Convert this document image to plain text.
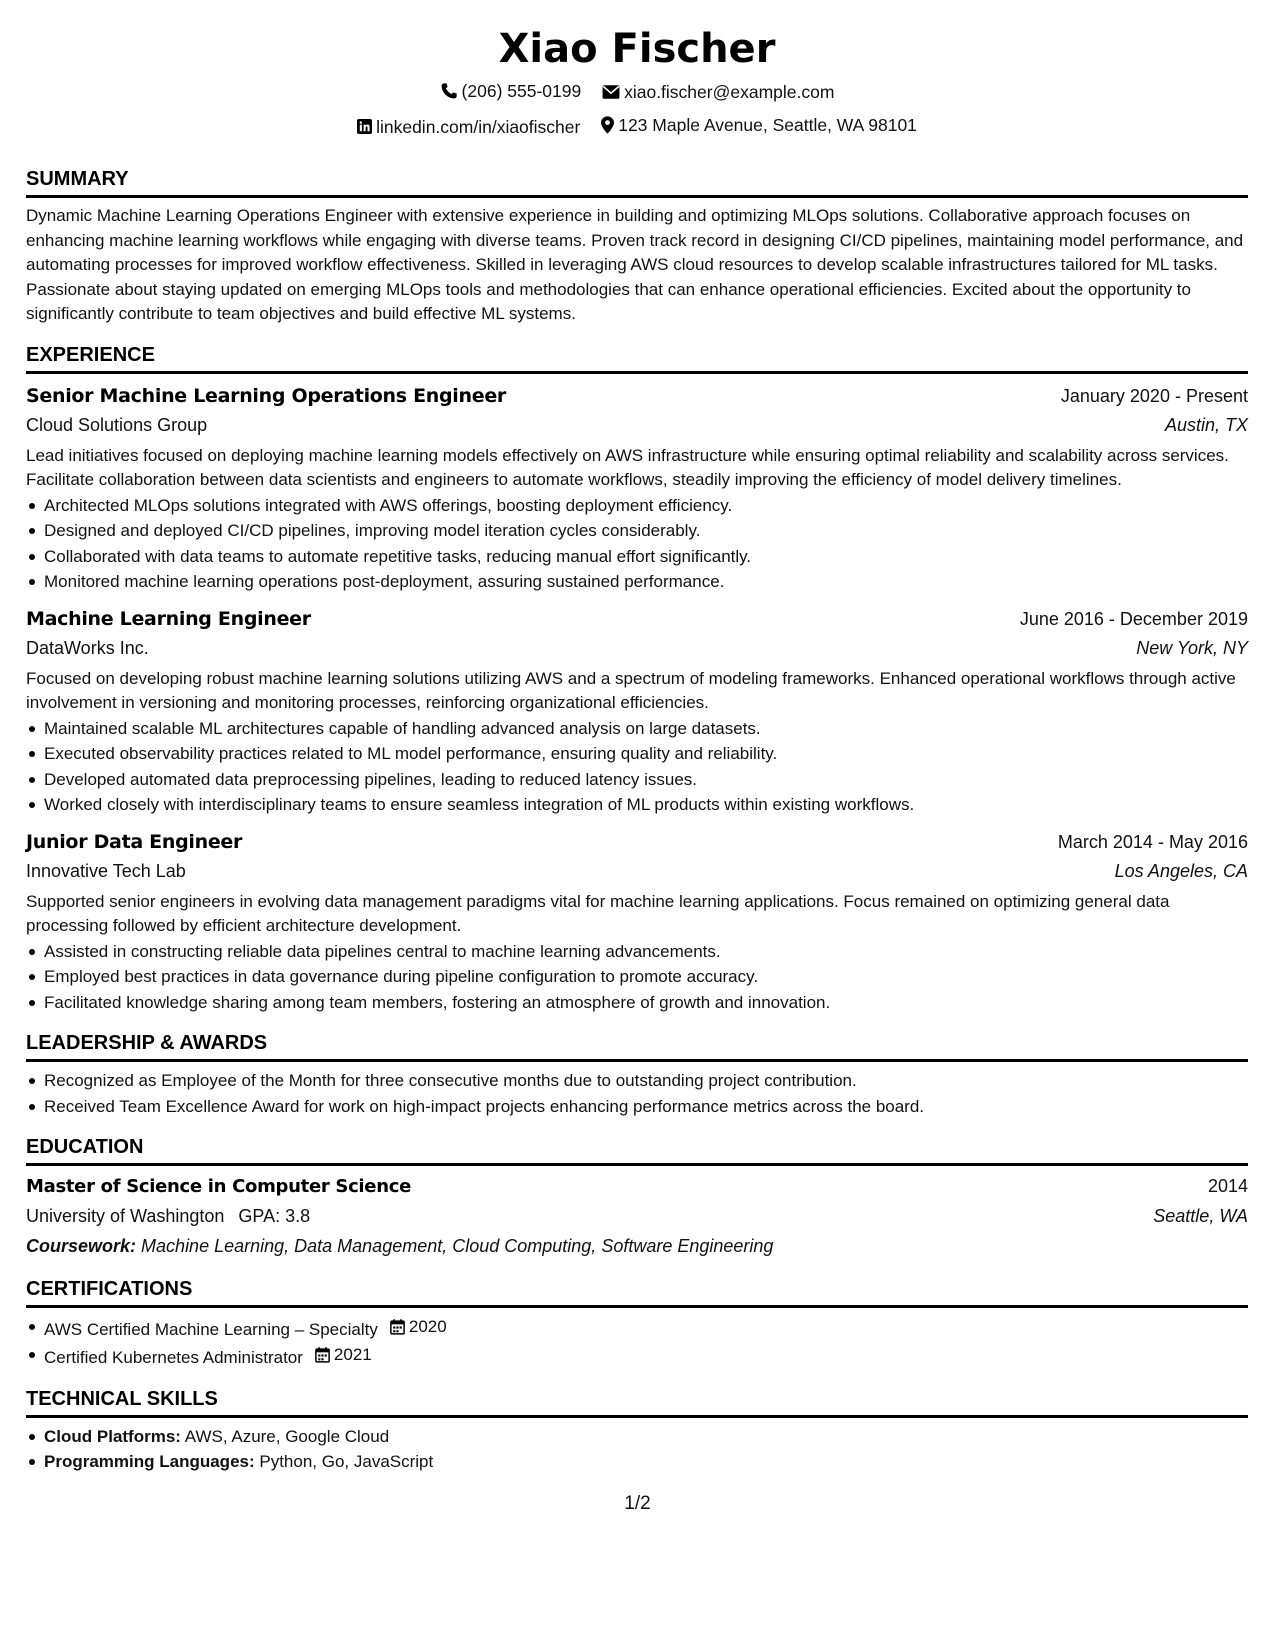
Xiao Fischer
(206) 555-0199
xiao.fischer@example.com
linkedin.com/in/xiaofischer
123 Maple Avenue, Seattle, WA 98101
SUMMARY

Dynamic Machine Learning Operations Engineer with extensive experience in building and optimizing MLOps solutions. Collaborative approach focuses on enhancing machine learning workflows while engaging with diverse teams. Proven track record in designing CI/CD pipelines, maintaining model performance, and automating processes for improved workflow effectiveness. Skilled in leveraging AWS cloud resources to develop scalable infrastructures tailored for ML tasks. Passionate about staying updated on emerging MLOps tools and methodologies that can enhance operational efficiencies. Excited about the opportunity to significantly contribute to team objectives and build effective ML systems.

EXPERIENCE
Senior Machine Learning Operations Engineer	January 2020 - Present
Cloud Solutions Group	Austin, TX

Lead initiatives focused on deploying machine learning models effectively on AWS infrastructure while ensuring optimal reliability and scalability across services. Facilitate collaboration between data scientists and engineers to automate workflows, steadily improving the efficiency of model delivery timelines.

Architected MLOps solutions integrated with AWS offerings, boosting deployment efficiency.
Designed and deployed CI/CD pipelines, improving model iteration cycles considerably.
Collaborated with data teams to automate repetitive tasks, reducing manual effort significantly.
Monitored machine learning operations post-deployment, assuring sustained performance.
Machine Learning Engineer	June 2016 - December 2019
DataWorks Inc.	New York, NY

Focused on developing robust machine learning solutions utilizing AWS and a spectrum of modeling frameworks. Enhanced operational workflows through active involvement in versioning and monitoring processes, reinforcing organizational efficiencies.

Maintained scalable ML architectures capable of handling advanced analysis on large datasets.
Executed observability practices related to ML model performance, ensuring quality and reliability.
Developed automated data preprocessing pipelines, leading to reduced latency issues.
Worked closely with interdisciplinary teams to ensure seamless integration of ML products within existing workflows.
Junior Data Engineer	March 2014 - May 2016
Innovative Tech Lab	Los Angeles, CA

Supported senior engineers in evolving data management paradigms vital for machine learning applications. Focus remained on optimizing general data processing followed by efficient architecture development.

Assisted in constructing reliable data pipelines central to machine learning advancements.
Employed best practices in data governance during pipeline configuration to promote accuracy.
Facilitated knowledge sharing among team members, fostering an atmosphere of growth and innovation.
LEADERSHIP & AWARDS
Recognized as Employee of the Month for three consecutive months due to outstanding project contribution.
Received Team Excellence Award for work on high-impact projects enhancing performance metrics across the board.
EDUCATION
Master of Science in Computer Science	2014
University of Washington GPA: 3.8	Seattle, WA
Coursework: Machine Learning, Data Management, Cloud Computing, Software Engineering
CERTIFICATIONS
AWS Certified Machine Learning – Specialty 2020
Certified Kubernetes Administrator 2021
TECHNICAL SKILLS
Cloud Platforms: AWS, Azure, Google Cloud
Programming Languages: Python, Go, JavaScript
1/2
